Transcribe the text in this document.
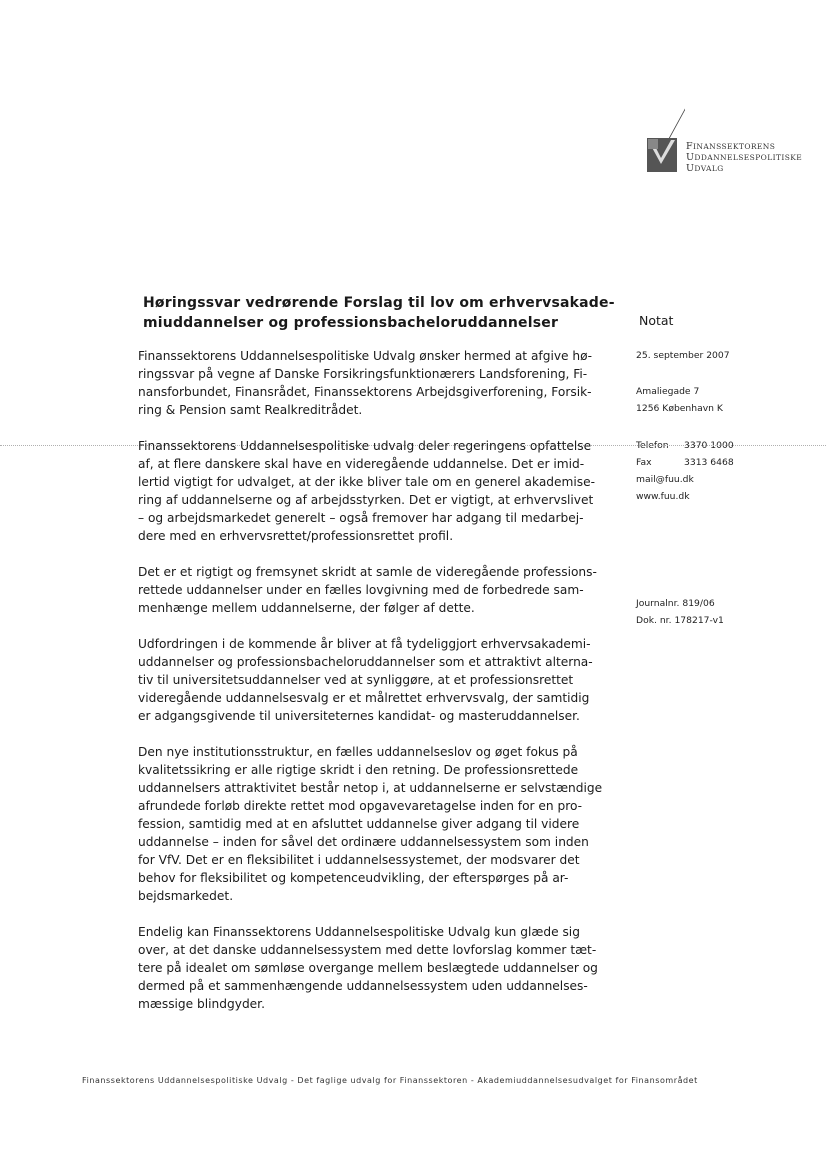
FINANSSEKTORENS
UDDANNELSESPOLITISKE
UDVALG
Høringssvar vedrørende Forslag til lov om erhvervsakade-
miuddannelser og professionsbacheloruddannelser	Notat
25. september 2007
Amaliegade 7
1256 København K
Telefon 3370 1000
Fax	3313 6468
mail@fuu.dk
www.fuu.dk
Journalnr. 819/06
Dok. nr. 178217-v1
Finanssektorens Uddannelsespolitiske Udvalg ønsker hermed at afgive hø-
ringssvar på vegne af Danske Forsikringsfunktionærers Landsforening, Fi-
nansforbundet, Finansrådet, Finanssektorens Arbejdsgiverforening, Forsik-
ring & Pension samt Realkreditrådet.
Finanssektorens Uddannelsespolitiske udvalg deler regeringens opfattelse
af, at flere danskere skal have en videregående uddannelse. Det er imid-
lertid vigtigt for udvalget, at der ikke bliver tale om en generel akademise-
ring af uddannelserne og af arbejdsstyrken. Det er vigtigt, at erhvervslivet
– og arbejdsmarkedet generelt – også fremover har adgang til medarbej-
dere med en erhvervsrettet/professionsrettet profil.
Det er et rigtigt og fremsynet skridt at samle de videregående professions-
rettede uddannelser under en fælles lovgivning med de forbedrede sam-
menhænge mellem uddannelserne, der følger af dette.
Udfordringen i de kommende år bliver at få tydeliggjort erhvervsakademi-
uddannelser og professionsbacheloruddannelser som et attraktivt alterna-
tiv til universitetsuddannelser ved at synliggøre, at et professionsrettet
videregående uddannelsesvalg er et målrettet erhvervsvalg, der samtidig
er adgangsgivende til universiteternes kandidat- og masteruddannelser.
Den nye institutionsstruktur, en fælles uddannelseslov og øget fokus på
kvalitetssikring er alle rigtige skridt i den retning. De professionsrettede
uddannelsers attraktivitet består netop i, at uddannelserne er selvstændige
afrundede forløb direkte rettet mod opgavevaretagelse inden for en pro-
fession, samtidig med at en afsluttet uddannelse giver adgang til videre
uddannelse – inden for såvel det ordinære uddannelsessystem som inden
for VfV. Det er en fleksibilitet i uddannelsessystemet, der modsvarer det
behov for fleksibilitet og kompetenceudvikling, der efterspørges på ar-
bejdsmarkedet.
Endelig kan Finanssektorens Uddannelsespolitiske Udvalg kun glæde sig
over, at det danske uddannelsessystem med dette lovforslag kommer tæt-
tere på idealet om sømløse overgange mellem beslægtede uddannelser og
dermed på et sammenhængende uddannelsessystem uden uddannelses-
mæssige blindgyder.
Finanssektorens Uddannelsespolitiske Udvalg - Det faglige udvalg for Finanssektoren - Akademiuddannelsesudvalget for Finansområdet
